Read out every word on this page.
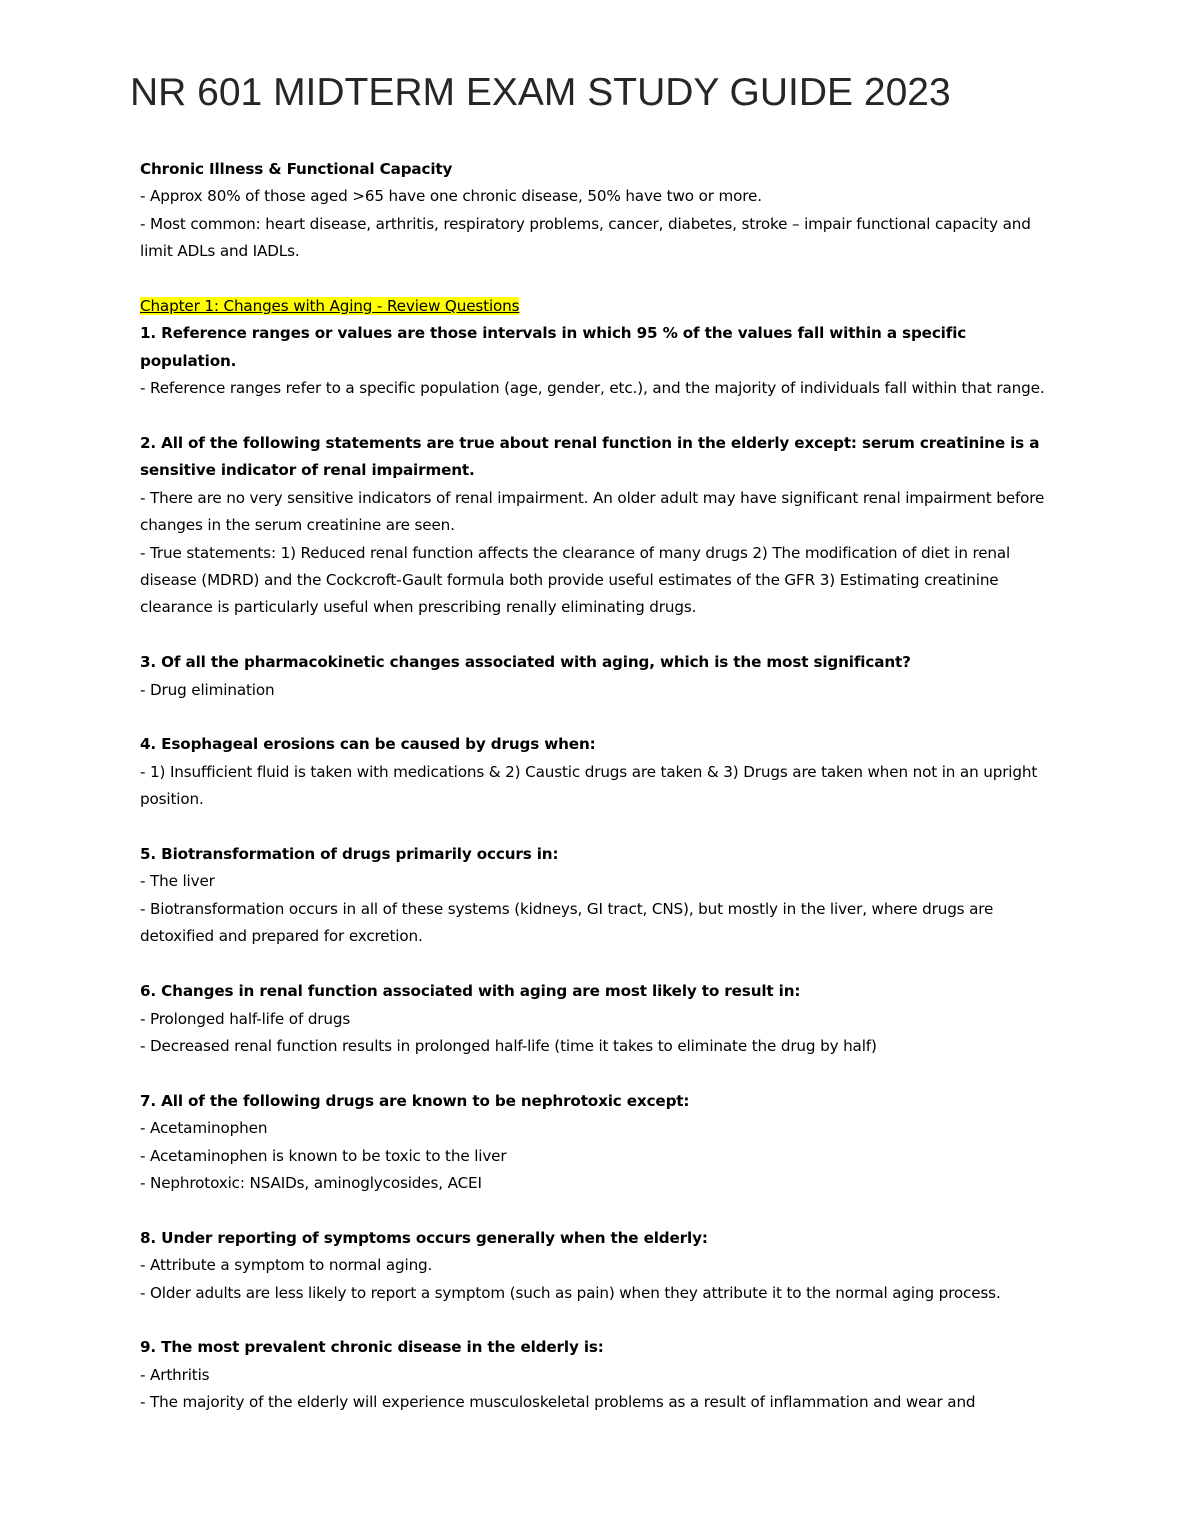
NR 601 MIDTERM EXAM STUDY GUIDE 2023

Chronic Illness & Functional Capacity

- Approx 80% of those aged >65 have one chronic disease, 50% have two or more.

- Most common: heart disease, arthritis, respiratory problems, cancer, diabetes, stroke – impair functional capacity and limit ADLs and IADLs.

Chapter 1: Changes with Aging - Review Questions

1. Reference ranges or values are those intervals in which 95 % of the values fall within a specific population.

- Reference ranges refer to a specific population (age, gender, etc.), and the majority of individuals fall within that range.

2. All of the following statements are true about renal function in the elderly except: serum creatinine is a sensitive indicator of renal impairment.

- There are no very sensitive indicators of renal impairment. An older adult may have significant renal impairment before changes in the serum creatinine are seen.

- True statements: 1) Reduced renal function affects the clearance of many drugs 2) The modification of diet in renal disease (MDRD) and the Cockcroft-Gault formula both provide useful estimates of the GFR 3) Estimating creatinine clearance is particularly useful when prescribing renally eliminating drugs.

3. Of all the pharmacokinetic changes associated with aging, which is the most significant?

- Drug elimination

4. Esophageal erosions can be caused by drugs when:

- 1) Insufficient fluid is taken with medications & 2) Caustic drugs are taken & 3) Drugs are taken when not in an upright position.

5. Biotransformation of drugs primarily occurs in:

- The liver

- Biotransformation occurs in all of these systems (kidneys, GI tract, CNS), but mostly in the liver, where drugs are detoxified and prepared for excretion.

6. Changes in renal function associated with aging are most likely to result in:

- Prolonged half-life of drugs

- Decreased renal function results in prolonged half-life (time it takes to eliminate the drug by half)

7. All of the following drugs are known to be nephrotoxic except:

- Acetaminophen

- Acetaminophen is known to be toxic to the liver

- Nephrotoxic: NSAIDs, aminoglycosides, ACEI

8. Under reporting of symptoms occurs generally when the elderly:

- Attribute a symptom to normal aging.

- Older adults are less likely to report a symptom (such as pain) when they attribute it to the normal aging process.

9. The most prevalent chronic disease in the elderly is:

- Arthritis

- The majority of the elderly will experience musculoskeletal problems as a result of inflammation and wear and
